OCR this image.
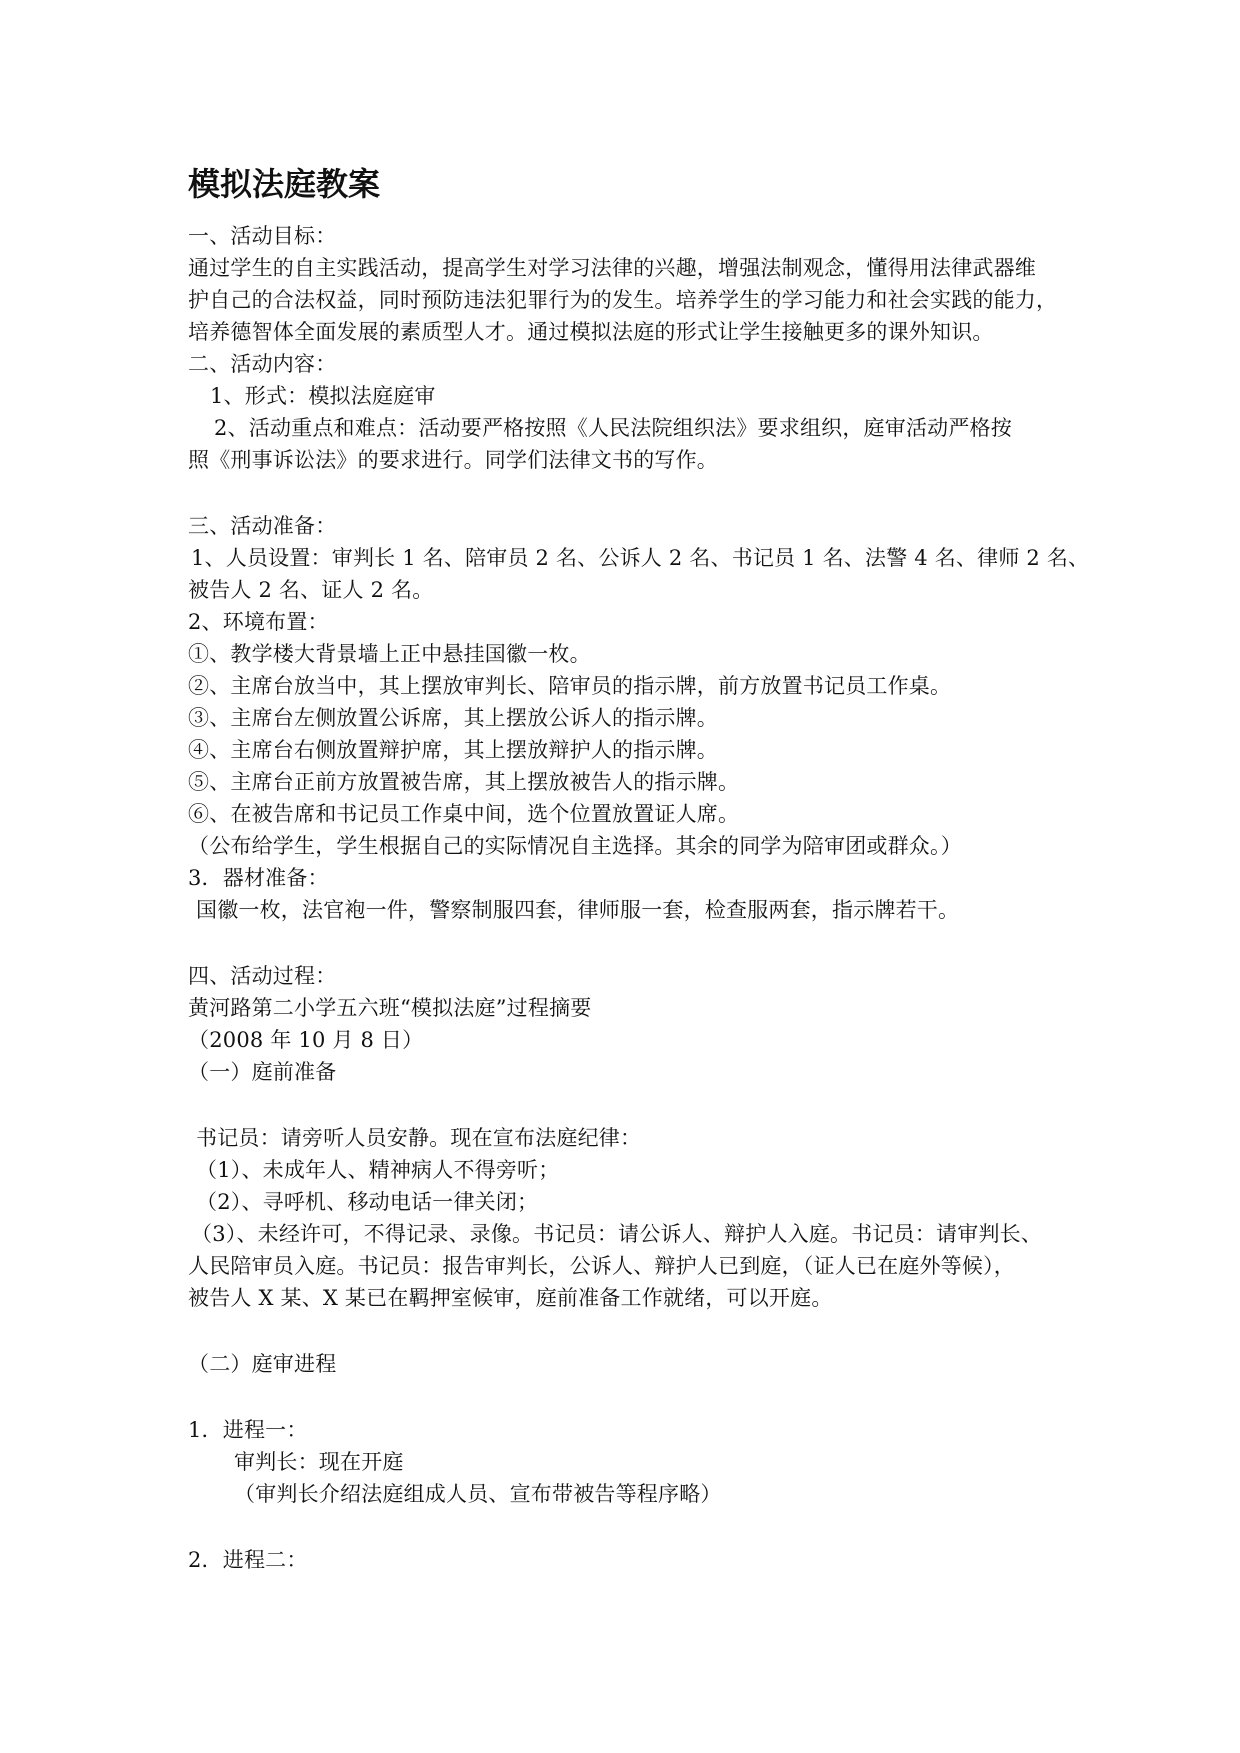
模拟法庭教案
一、活动目标：
通过学生的自主实践活动，提高学生对学习法律的兴趣，增强法制观念，懂得用法律武器维
护自己的合法权益，同时预防违法犯罪行为的发生。培养学生的学习能力和社会实践的能力，
培养德智体全面发展的素质型人才。通过模拟法庭的形式让学生接触更多的课外知识。
二、活动内容：
1、形式：模拟法庭庭审
2、活动重点和难点：活动要严格按照《人民法院组织法》要求组织，庭审活动严格按
照《刑事诉讼法》的要求进行。同学们法律文书的写作。
三、活动准备：
1、人员设置：审判长 1 名、陪审员 2 名、公诉人 2 名、书记员 1 名、法警 4 名、律师 2 名、
被告人 2 名、证人 2 名。
2、环境布置：
①、教学楼大背景墙上正中悬挂国徽一枚。
②、主席台放当中，其上摆放审判长、陪审员的指示牌，前方放置书记员工作桌。
③、主席台左侧放置公诉席，其上摆放公诉人的指示牌。
④、主席台右侧放置辩护席，其上摆放辩护人的指示牌。
⑤、主席台正前方放置被告席，其上摆放被告人的指示牌。
⑥、在被告席和书记员工作桌中间，选个位置放置证人席。
（公布给学生，学生根据自己的实际情况自主选择。其余的同学为陪审团或群众。）
3．器材准备：
国徽一枚，法官袍一件，警察制服四套，律师服一套，检查服两套，指示牌若干。
四、活动过程：
黄河路第二小学五六班“模拟法庭”过程摘要
（2008 年 10 月 8 日）
（一）庭前准备
书记员：请旁听人员安静。现在宣布法庭纪律：
（1）、未成年人、精神病人不得旁听；
（2）、寻呼机、移动电话一律关闭；
（3）、未经许可，不得记录、录像。书记员：请公诉人、辩护人入庭。书记员：请审判长、
人民陪审员入庭。书记员：报告审判长，公诉人、辩护人已到庭，（证人已在庭外等候），
被告人 X 某、X 某已在羁押室候审，庭前准备工作就绪，可以开庭。
（二）庭审进程
1．进程一：
审判长：现在开庭
（审判长介绍法庭组成人员、宣布带被告等程序略）
2．进程二：
